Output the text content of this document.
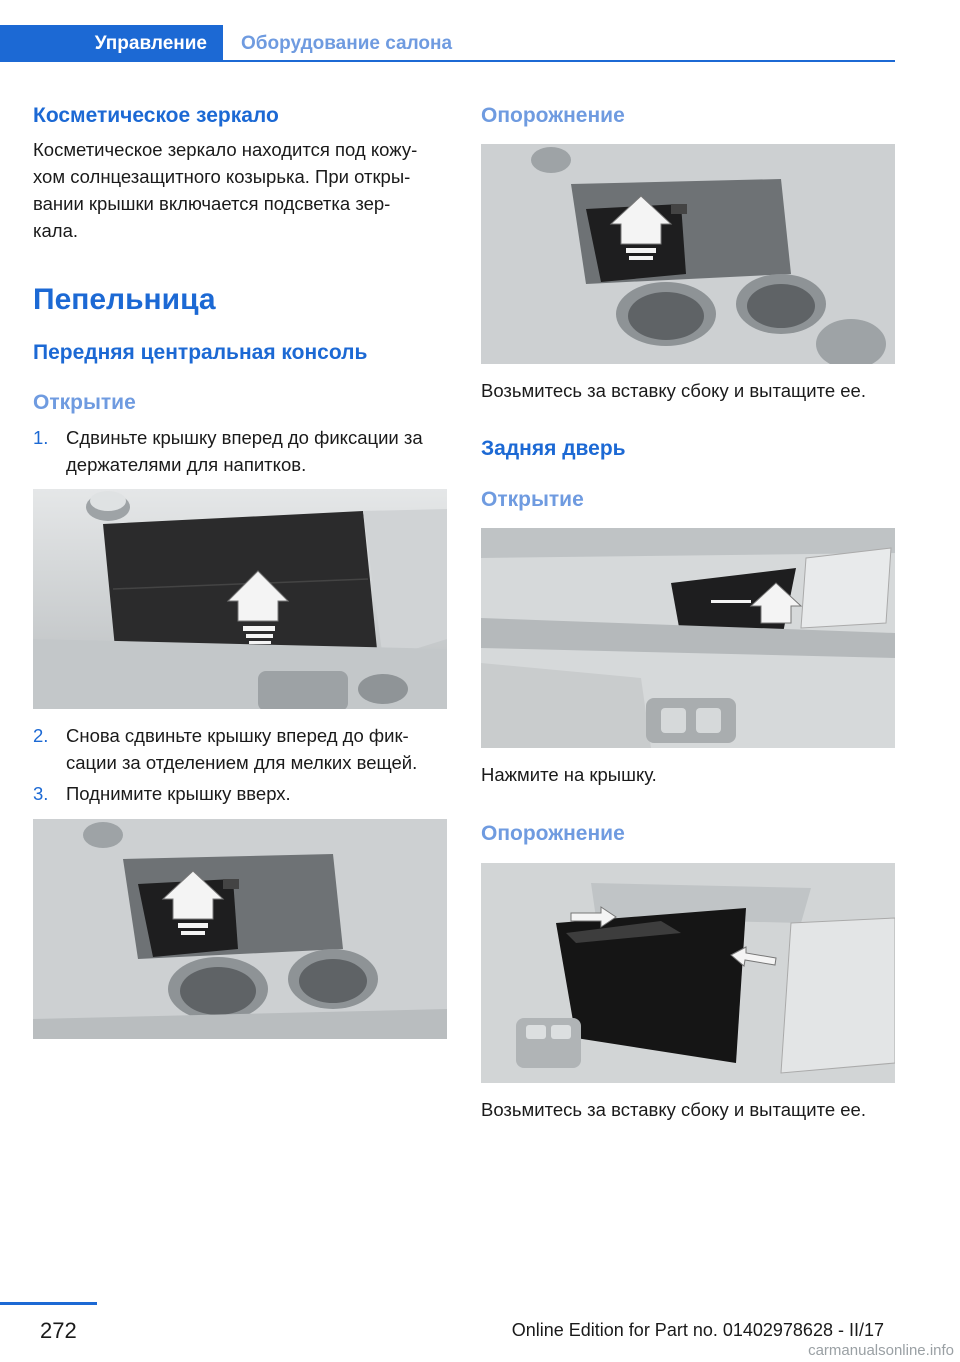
Управление Оборудование салона
Косметическое зеркало

Косметическое зеркало находится под кожу‐

хом солнцезащитного козырька. При откры‐

вании крышки включается подсветка зер‐

кала.

Пепельница
Передняя центральная консоль
Открытие
1. Сдвиньте крышку вперед до фиксации за

держателями для напитков.

2. Снова сдвиньте крышку вперед до фик‐

сации за отделением для мелких вещей.

3. Поднимите крышку вверх.

Опорожнение

Возьмитесь за вставку сбоку и вытащите ее.

Задняя дверь
Открытие

Нажмите на крышку.

Опорожнение

Возьмитесь за вставку сбоку и вытащите ее.

272	Online Edition for Part no. 01402978628 - II/17
carmanualsonline.info
